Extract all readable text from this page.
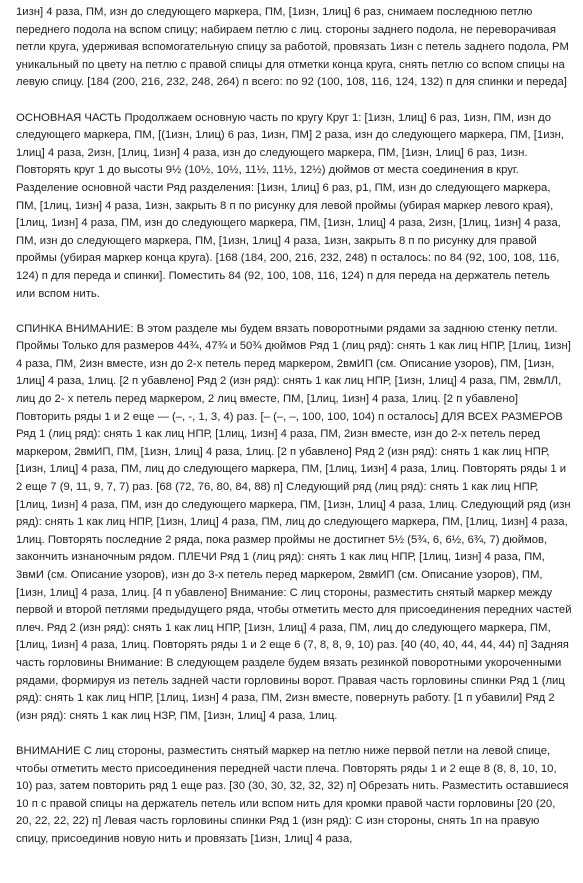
1изн] 4 раза, ПМ, изн до следующего маркера, ПМ, [1изн, 1лиц] 6 раз, снимаем последнюю петлю переднего подола на вспом спицу; набираем петлю с лиц. стороны заднего подола, не переворачивая петли круга, удерживая вспомогательную спицу за работой, провязать 1изн с петель заднего подола, РМ уникальный по цвету на петлю с правой спицы для отметки конца круга, снять петлю со вспом спицы на левую спицу. [184 (200, 216, 232, 248, 264) п всего: по 92 (100, 108, 116, 124, 132) п для спинки и переда]

ОСНОВНАЯ ЧАСТЬ Продолжаем основную часть по кругу Круг 1: [1изн, 1лиц] 6 раз, 1изн, ПМ, изн до следующего маркера, ПМ, [(1изн, 1лиц) 6 раз, 1изн, ПМ] 2 раза, изн до следующего маркера, ПМ, [1изн, 1лиц] 4 раза, 2изн, [1лиц, 1изн] 4 раза, изн до следующего маркера, ПМ, [1изн, 1лиц] 6 раз, 1изн. Повторять круг 1 до высоты 9½ (10½, 10½, 11½, 11½, 12½) дюймов от места соединения в круг. Разделение основной части Ряд разделения: [1изн, 1лиц] 6 раз, р1, ПМ, изн до следующего маркера, ПМ, [1лиц, 1изн] 4 раза, 1изн, закрыть 8 п по рисунку для левой проймы (убирая маркер левого края), [1лиц, 1изн] 4 раза, ПМ, изн до следующего маркера, ПМ, [1изн, 1лиц] 4 раза, 2изн, [1лиц, 1изн] 4 раза, ПМ, изн до следующего маркера, ПМ, [1изн, 1лиц] 4 раза, 1изн, закрыть 8 п по рисунку для правой проймы (убирая маркер конца круга). [168 (184, 200, 216, 232, 248) п осталось: по 84 (92, 100, 108, 116, 124) п для переда и спинки]. Поместить 84 (92, 100, 108, 116, 124) п для переда на держатель петель или вспом нить.

СПИНКА ВНИМАНИЕ: В этом разделе мы будем вязать поворотными рядами за заднюю стенку петли. Проймы Только для размеров 44¾, 47¾ и 50¾ дюймов Ряд 1 (лиц ряд): снять 1 как лиц НПР, [1лиц, 1изн] 4 раза, ПМ, 2изн вместе, изн до 2-х петель перед маркером, 2вмИП (см. Описание узоров), ПМ, [1изн, 1лиц] 4 раза, 1лиц. [2 п убавлено] Ряд 2 (изн ряд): снять 1 как лиц НПР, [1изн, 1лиц] 4 раза, ПМ, 2вмЛЛ, лиц до 2- х петель перед маркером, 2 лиц вместе, ПМ, [1лиц, 1изн] 4 раза, 1лиц. [2 п убавлено] Повторить ряды 1 и 2 еще — (–, -, 1, 3, 4) раз. [– (–, –, 100, 100, 104) п осталось] ДЛЯ ВСЕХ РАЗМЕРОВ Ряд 1 (лиц ряд): снять 1 как лиц НПР, [1лиц, 1изн] 4 раза, ПМ, 2изн вместе, изн до 2-х петель перед маркером, 2вмИП, ПМ, [1изн, 1лиц] 4 раза, 1лиц. [2 п убавлено] Ряд 2 (изн ряд): снять 1 как лиц НПР, [1изн, 1лиц] 4 раза, ПМ, лиц до следующего маркера, ПМ, [1лиц, 1изн] 4 раза, 1лиц. Повторять ряды 1 и 2 еще 7 (9, 11, 9, 7, 7) раз. [68 (72, 76, 80, 84, 88) п] Следующий ряд (лиц ряд): снять 1 как лиц НПР, [1лиц, 1изн] 4 раза, ПМ, изн до следующего маркера, ПМ, [1изн, 1лиц] 4 раза, 1лиц. Следующий ряд (изн ряд): снять 1 как лиц НПР, [1изн, 1лиц] 4 раза, ПМ, лиц до следующего маркера, ПМ, [1лиц, 1изн] 4 раза, 1лиц. Повторять последние 2 ряда, пока размер проймы не достигнет 5½ (5¾, 6, 6½, 6¾, 7) дюймов, закончить изнаночным рядом. ПЛЕЧИ Ряд 1 (лиц ряд): снять 1 как лиц НПР, [1лиц, 1изн] 4 раза, ПМ, 3вмИ (см. Описание узоров), изн до 3-х петель перед маркером, 2вмИП (см. Описание узоров), ПМ, [1изн, 1лиц] 4 раза, 1лиц. [4 п убавлено] Внимание: С лиц стороны, разместить снятый маркер между первой и второй петлями предыдущего ряда, чтобы отметить место для присоединения передних частей плеч. Ряд 2 (изн ряд): снять 1 как лиц НПР, [1изн, 1лиц] 4 раза, ПМ, лиц до следующего маркера, ПМ, [1лиц, 1изн] 4 раза, 1лиц. Повторять ряды 1 и 2 еще 6 (7, 8, 8, 9, 10) раз. [40 (40, 40, 44, 44, 44) п] Задняя часть горловины Внимание: В следующем разделе будем вязать резинкой поворотными укороченными рядами, формируя из петель задней части горловины ворот. Правая часть горловины спинки Ряд 1 (лиц ряд): снять 1 как лиц НПР, [1лиц, 1изн] 4 раза, ПМ, 2изн вместе, повернуть работу. [1 п убавили] Ряд 2 (изн ряд): снять 1 как лиц НЗР, ПМ, [1изн, 1лиц] 4 раза, 1лиц.

ВНИМАНИЕ С лиц стороны, разместить снятый маркер на петлю ниже первой петли на левой спице, чтобы отметить место присоединения передней части плеча. Повторять ряды 1 и 2 еще 8 (8, 8, 10, 10, 10) раз, затем повторить ряд 1 еще раз. [30 (30, 30, 32, 32, 32) п] Обрезать нить. Разместить оставшиеся 10 п с правой спицы на держатель петель или вспом нить для кромки правой части горловины [20 (20, 20, 22, 22, 22) п] Левая часть горловины спинки Ряд 1 (изн ряд): С изн стороны, снять 1п на правую спицу, присоединив новую нить и провязать [1изн, 1лиц] 4 раза,
